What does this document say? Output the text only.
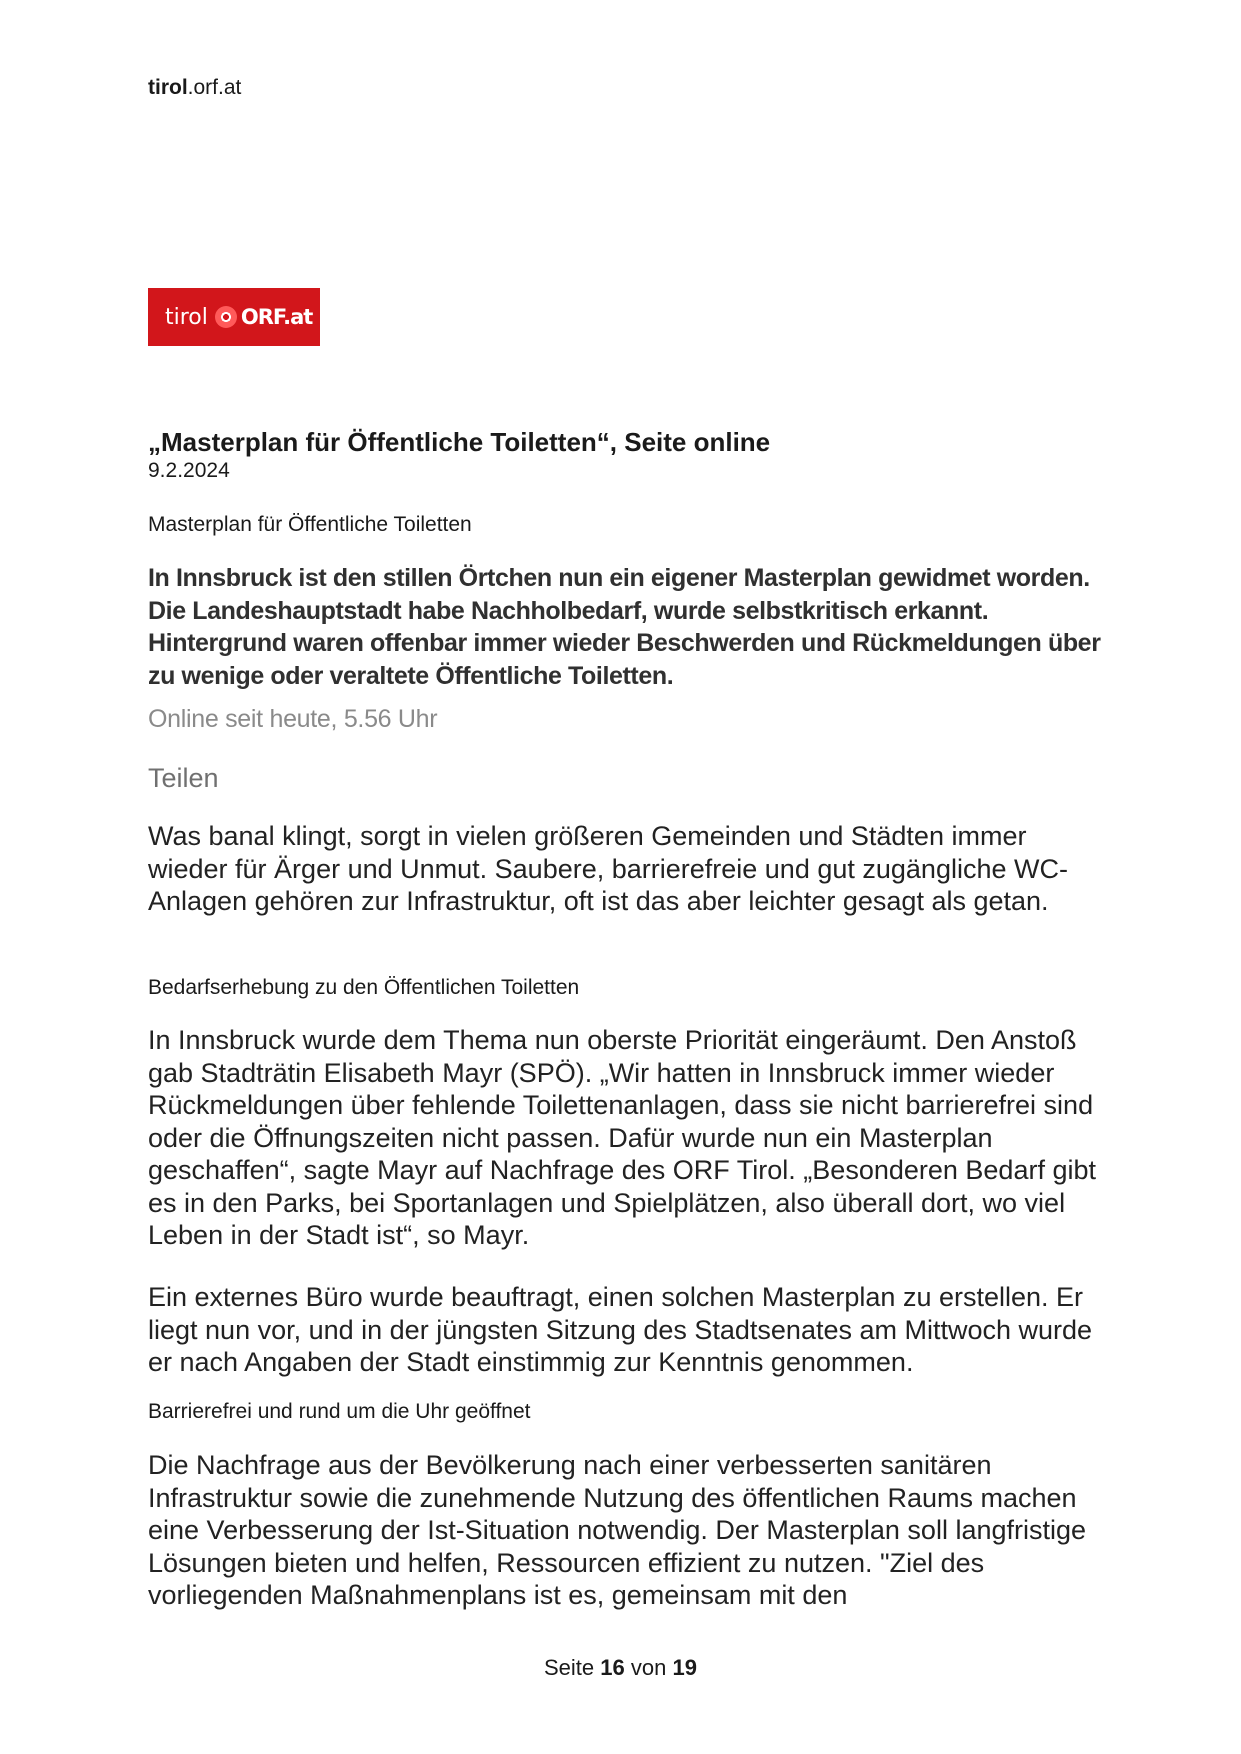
tirol.orf.at
tirol ORF.at
„Masterplan für Öffentliche Toiletten“, Seite online
9.2.2024
Masterplan für Öffentliche Toiletten
In Innsbruck ist den stillen Örtchen nun ein eigener Masterplan gewidmet worden. Die Landeshauptstadt habe Nachholbedarf, wurde selbstkritisch erkannt. Hintergrund waren offenbar immer wieder Beschwerden und Rückmeldungen über zu wenige oder veraltete Öffentliche Toiletten.
Online seit heute, 5.56 Uhr
Teilen
Was banal klingt, sorgt in vielen größeren Gemeinden und Städten immer wieder für Ärger und Unmut. Saubere, barrierefreie und gut zugängliche WC-Anlagen gehören zur Infrastruktur, oft ist das aber leichter gesagt als getan.
Bedarfserhebung zu den Öffentlichen Toiletten
In Innsbruck wurde dem Thema nun oberste Priorität eingeräumt. Den Anstoß gab Stadträtin Elisabeth Mayr (SPÖ). „Wir hatten in Innsbruck immer wieder Rückmeldungen über fehlende Toilettenanlagen, dass sie nicht barrierefrei sind oder die Öffnungszeiten nicht passen. Dafür wurde nun ein Masterplan geschaffen“, sagte Mayr auf Nachfrage des ORF Tirol. „Besonderen Bedarf gibt es in den Parks, bei Sportanlagen und Spielplätzen, also überall dort, wo viel Leben in der Stadt ist“, so Mayr.
Ein externes Büro wurde beauftragt, einen solchen Masterplan zu erstellen. Er liegt nun vor, und in der jüngsten Sitzung des Stadtsenates am Mittwoch wurde er nach Angaben der Stadt einstimmig zur Kenntnis genommen.
Barrierefrei und rund um die Uhr geöffnet
Die Nachfrage aus der Bevölkerung nach einer verbesserten sanitären Infrastruktur sowie die zunehmende Nutzung des öffentlichen Raums machen eine Verbesserung der Ist-Situation notwendig. Der Masterplan soll langfristige Lösungen bieten und helfen, Ressourcen effizient zu nutzen. "Ziel des vorliegenden Maßnahmenplans ist es, gemeinsam mit den
Seite 16 von 19
